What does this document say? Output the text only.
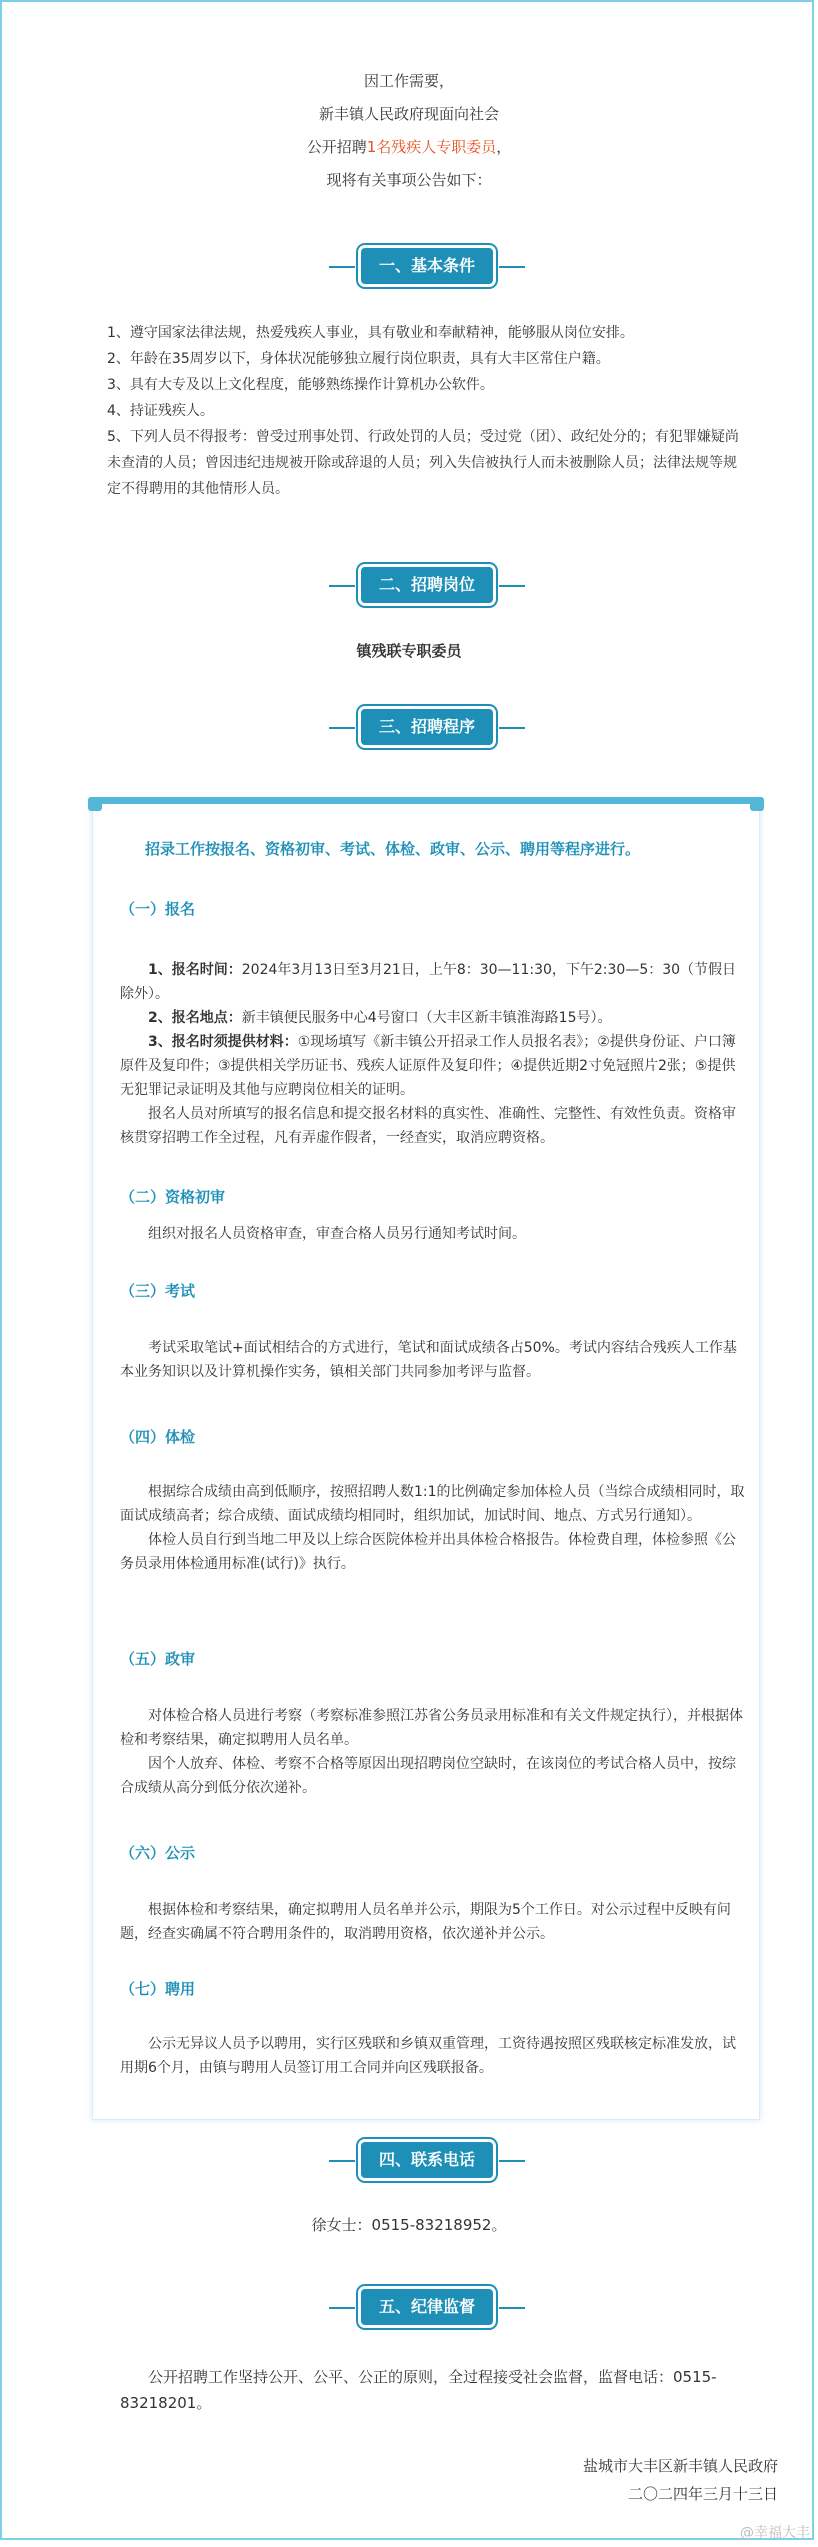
因工作需要，
新丰镇人民政府现面向社会
公开招聘1名残疾人专职委员，
现将有关事项公告如下：
一、基本条件

1、遵守国家法律法规，热爱残疾人事业，具有敬业和奉献精神，能够服从岗位安排。

2、年龄在35周岁以下，身体状况能够独立履行岗位职责，具有大丰区常住户籍。

3、具有大专及以上文化程度，能够熟练操作计算机办公软件。

4、持证残疾人。

5、下列人员不得报考：曾受过刑事处罚、行政处罚的人员；受过党（团）、政纪处分的；有犯罪嫌疑尚未查清的人员；曾因违纪违规被开除或辞退的人员；列入失信被执行人而未被删除人员；法律法规等规定不得聘用的其他情形人员。

二、招聘岗位
镇残联专职委员
三、招聘程序
招录工作按报名、资格初审、考试、体检、政审、公示、聘用等程序进行。
（一）报名

1、报名时间：2024年3月13日至3月21日，上午8：30—11:30，下午2:30—5：30（节假日除外）。

2、报名地点：新丰镇便民服务中心4号窗口（大丰区新丰镇淮海路15号）。

3、报名时须提供材料：①现场填写《新丰镇公开招录工作人员报名表》；②提供身份证、户口簿原件及复印件；③提供相关学历证书、残疾人证原件及复印件；④提供近期2寸免冠照片2张；⑤提供无犯罪记录证明及其他与应聘岗位相关的证明。

报名人员对所填写的报名信息和提交报名材料的真实性、准确性、完整性、有效性负责。资格审核贯穿招聘工作全过程，凡有弄虚作假者，一经查实，取消应聘资格。

（二）资格初审

组织对报名人员资格审查，审查合格人员另行通知考试时间。

（三）考试

考试采取笔试+面试相结合的方式进行，笔试和面试成绩各占50%。考试内容结合残疾人工作基本业务知识以及计算机操作实务，镇相关部门共同参加考评与监督。

（四）体检

根据综合成绩由高到低顺序，按照招聘人数1:1的比例确定参加体检人员（当综合成绩相同时，取面试成绩高者；综合成绩、面试成绩均相同时，组织加试，加试时间、地点、方式另行通知）。

体检人员自行到当地二甲及以上综合医院体检并出具体检合格报告。体检费自理，体检参照《公务员录用体检通用标准(试行)》执行。

（五）政审

对体检合格人员进行考察（考察标准参照江苏省公务员录用标准和有关文件规定执行），并根据体检和考察结果，确定拟聘用人员名单。

因个人放弃、体检、考察不合格等原因出现招聘岗位空缺时，在该岗位的考试合格人员中，按综合成绩从高分到低分依次递补。

（六）公示

根据体检和考察结果，确定拟聘用人员名单并公示，期限为5个工作日。对公示过程中反映有问题，经查实确属不符合聘用条件的，取消聘用资格，依次递补并公示。

（七）聘用

公示无异议人员予以聘用，实行区残联和乡镇双重管理，工资待遇按照区残联核定标准发放，试用期6个月，由镇与聘用人员签订用工合同并向区残联报备。

四、联系电话
徐女士：0515-83218952。
五、纪律监督
公开招聘工作坚持公开、公平、公正的原则，全过程接受社会监督，监督电话：0515-83218201。
盐城市大丰区新丰镇人民政府
二〇二四年三月十三日
@幸福大丰
